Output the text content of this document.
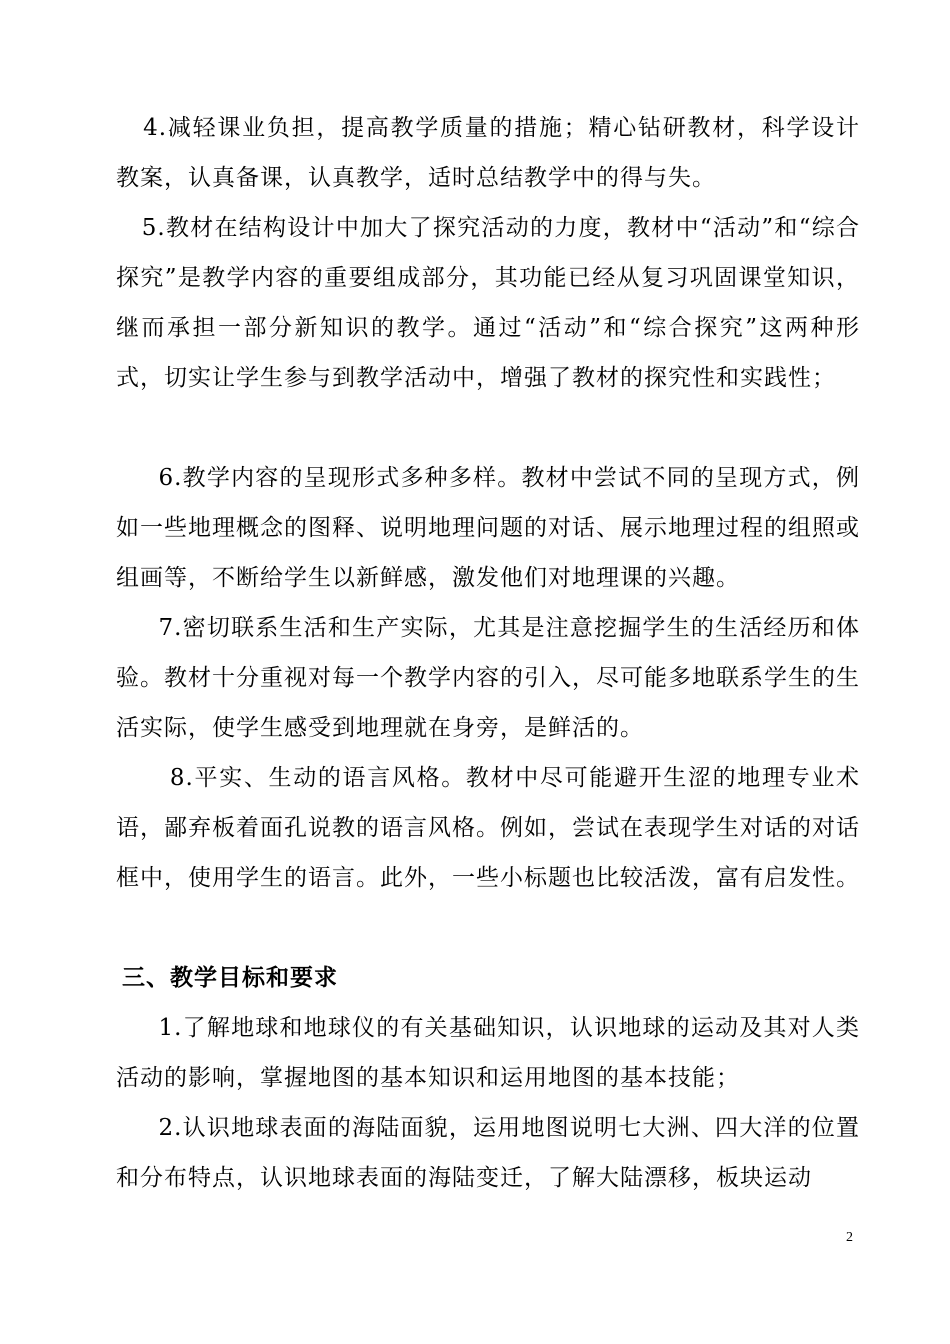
4.减轻课业负担，提高教学质量的措施；精心钻研教材，科学设计教案，认真备课，认真教学，适时总结教学中的得与失。

5.教材在结构设计中加大了探究活动的力度，教材中“活动”和“综合探究”是教学内容的重要组成部分，其功能已经从复习巩固课堂知识，继而承担一部分新知识的教学。通过“活动”和“综合探究”这两种形式，切实让学生参与到教学活动中，增强了教材的探究性和实践性；

6.教学内容的呈现形式多种多样。教材中尝试不同的呈现方式，例如一些地理概念的图释、说明地理问题的对话、展示地理过程的组照或组画等，不断给学生以新鲜感，激发他们对地理课的兴趣。

7.密切联系生活和生产实际，尤其是注意挖掘学生的生活经历和体验。教材十分重视对每一个教学内容的引入，尽可能多地联系学生的生活实际，使学生感受到地理就在身旁，是鲜活的。

8.平实、生动的语言风格。教材中尽可能避开生涩的地理专业术语，鄙弃板着面孔说教的语言风格。例如，尝试在表现学生对话的对话框中，使用学生的语言。此外，一些小标题也比较活泼，富有启发性。

三、教学目标和要求

1.了解地球和地球仪的有关基础知识，认识地球的运动及其对人类活动的影响，掌握地图的基本知识和运用地图的基本技能；

2.认识地球表面的海陆面貌，运用地图说明七大洲、四大洋的位置和分布特点，认识地球表面的海陆变迁，了解大陆漂移，板块运动

2
